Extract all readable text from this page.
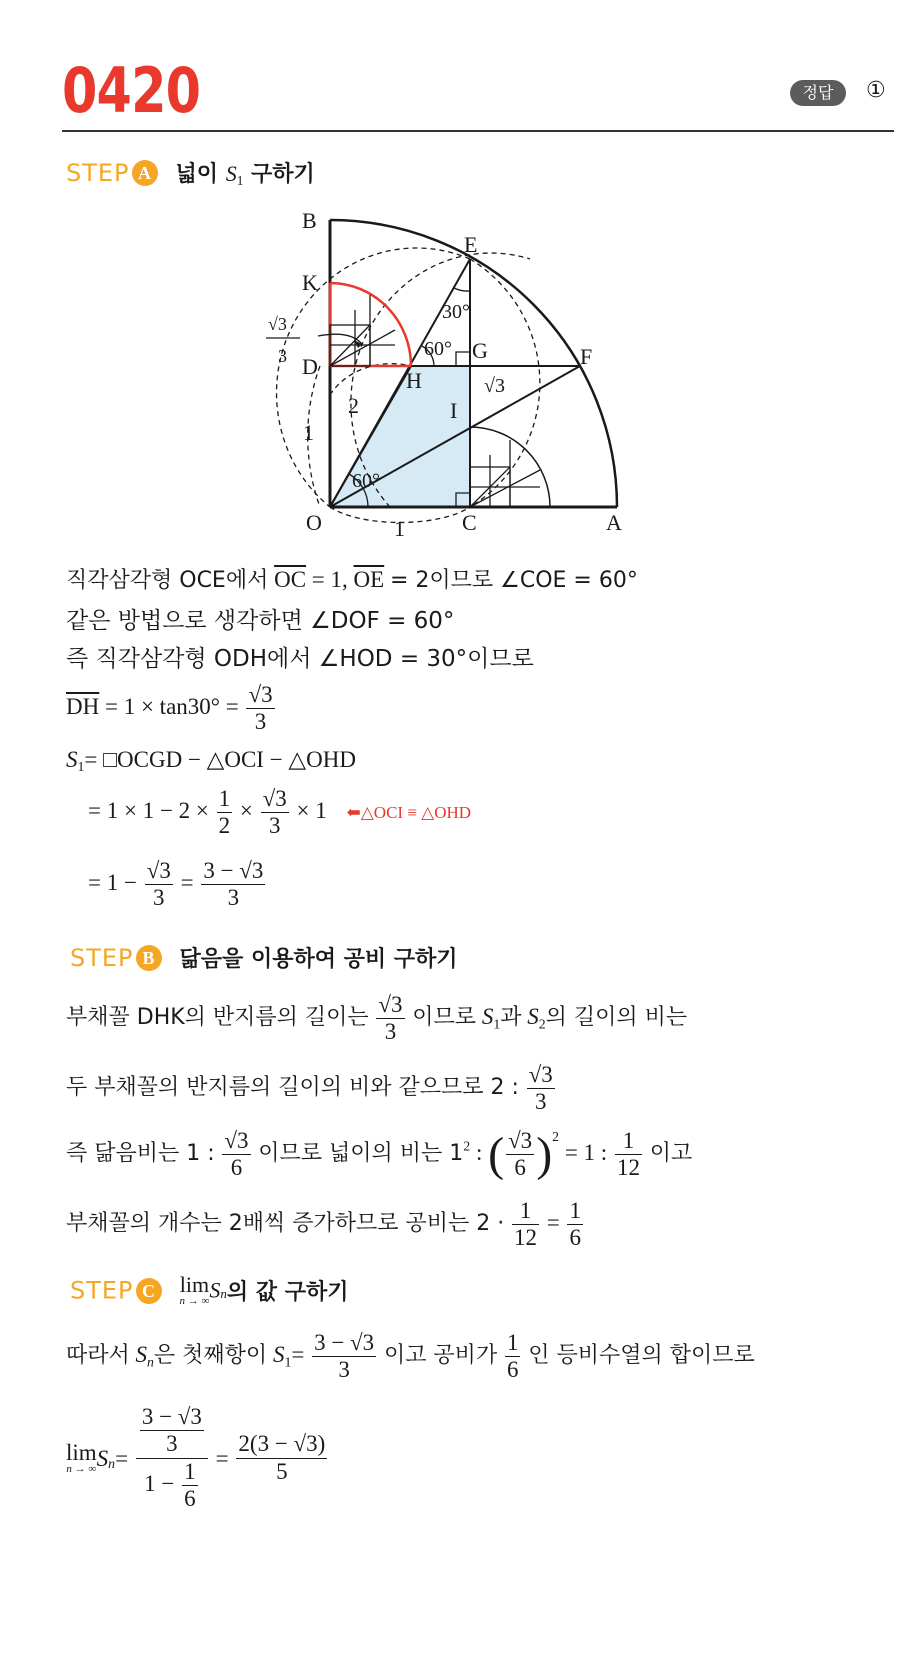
0420	정답	①
STEP A 넓이 $S_1$ 구하기
B
E
K
D
H
G	F
I
O	C	A
30°
60°
60°
2
1
1
√3
√3
3
직각삼각형 OCE에서 $\overline{OC} = 1$, $\overline{OE} = 2$이므로 ∠COE = 60°
같은 방법으로 생각하면 ∠DOF = 60°
즉 직각삼각형 ODH에서 ∠HOD = 30°이므로
$\overline{DH} = 1 \times \tan 30^\circ = \frac{√3}{3}$
$S_1=$ □OCGD − △OCI − △OHD
= $1 \times 1 - 2 \times \frac{1}{2} \times \frac{√3}{3} \times 1$ ⬅△OCI ≡ △OHD
= $1 - \frac{√3}{3} = \frac{3 - √3}{3}$
STEP B 닮음을 이용하여 공비 구하기
부채꼴 DHK의 반지름의 길이는 $\frac{√3}{3}$ 이므로 $S_1$과 $S_2$의 길이의 비는
두 부채꼴의 반지름의 길이의 비와 같으므로 2 : $\frac{√3}{3}$
즉 닮음비는 1 : $\frac{√3}{6}$ 이므로 넓이의 비는 $1^2$ : ( $\frac{√3}{6} )^2 = 1$ : $\frac{1}{12}$ 이고
부채꼴의 개수는 2배씩 증가하므로 공비는 $2 \cdot \frac{1}{12} = \frac{1}{6}$
STEP C lim
n → ∞ $S_n$의 값 구하기
따라서 $S_n$은 첫째항이 $S_1= \frac{3 - √3}{3}$ 이고 공비가 $\frac{1}{6}$ 인 등비수열의 합이므로
lim
n → ∞ $S_n= \frac{\frac{3 - √3}{3}}{1 - \frac{1}{6}} = \frac{2(3 - √3)}{5}$
